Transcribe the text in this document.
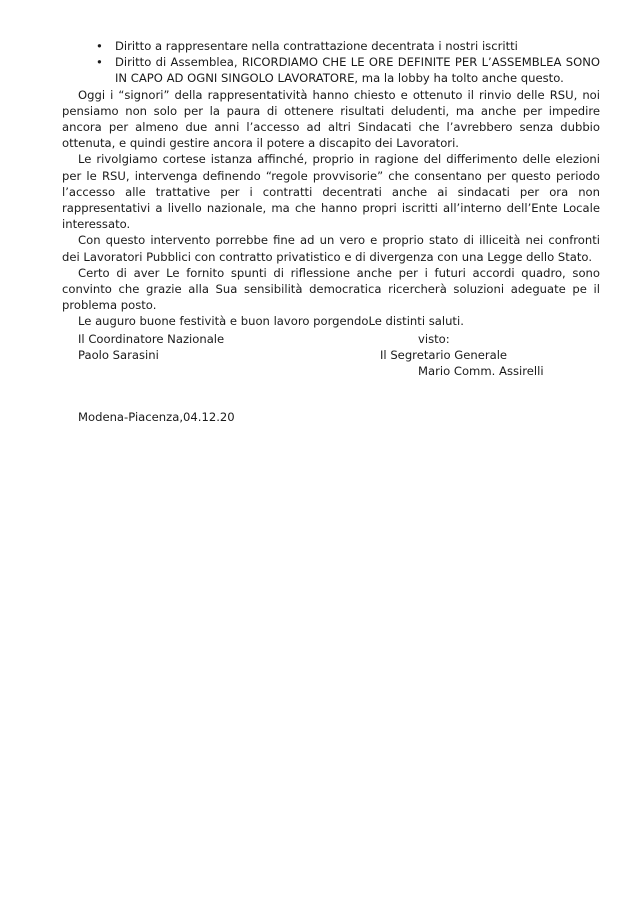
• Diritto a rappresentare nella contrattazione decentrata i nostri iscritti
• Diritto di Assemblea, RICORDIAMO CHE LE ORE DEFINITE PER L’ASSEMBLEA SONO IN CAPO AD OGNI SINGOLO LAVORATORE, ma la lobby ha tolto anche questo.

Oggi i “signori” della rappresentatività hanno chiesto e ottenuto il rinvio delle RSU, noi pensiamo non solo per la paura di ottenere risultati deludenti, ma anche per impedire ancora per almeno due anni l’accesso ad altri Sindacati che l’avrebbero senza dubbio ottenuta, e quindi gestire ancora il potere a discapito dei Lavoratori.

Le rivolgiamo cortese istanza affinché, proprio in ragione del differimento delle elezioni per le RSU, intervenga definendo “regole provvisorie” che consentano per questo periodo l’accesso alle trattative per i contratti decentrati anche ai sindacati per ora non rappresentativi a livello nazionale, ma che hanno propri iscritti all’interno dell’Ente Locale interessato.

Con questo intervento porrebbe fine ad un vero e proprio stato di illiceità nei confronti dei Lavoratori Pubblici con contratto privatistico e di divergenza con una Legge dello Stato.

Certo di aver Le fornito spunti di riflessione anche per i futuri accordi quadro, sono convinto che grazie alla Sua sensibilità democratica ricercherà soluzioni adeguate pe il problema posto.

Le auguro buone festività e buon lavoro porgendoLe distinti saluti.

Il Coordinatore Nazionale	visto:
Paolo Sarasini	Il Segretario Generale
Mario Comm. Assirelli
Modena-Piacenza,04.12.20
